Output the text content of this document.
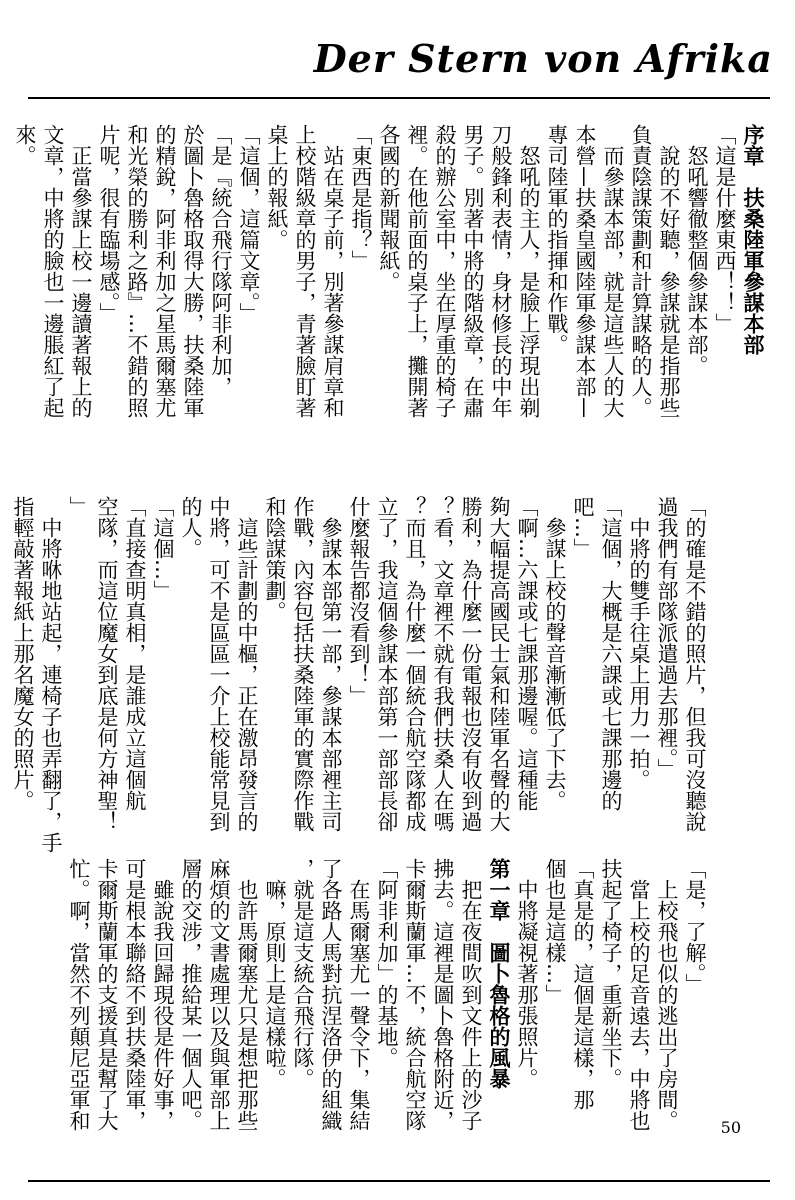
Der Stern von Afrika

序章　扶桑陸軍參謀本部

「這是什麼東西！！」

　怒吼響徹整個參謀本部。

　說的不好聽，參謀就是指那些

負責陰謀策劃和計算謀略的人。

　而參謀本部，就是這些人的大

本營—扶桑皇國陸軍參謀本部—

專司陸軍的指揮和作戰。

　怒吼的主人，是臉上浮現出剃

刀般鋒利表情，身材修長的中年

男子。別著中將的階級章，在肅

殺的辦公室中，坐在厚重的椅子

裡。在他前面的桌子上，攤開著

各國的新聞報紙。

「東西是指？」

　站在桌子前，別著參謀肩章和

上校階級章的男子，青著臉盯著

桌上的報紙。

「這個，這篇文章。」

「是『統合飛行隊阿非利加，

於圖卜魯格取得大勝，扶桑陸軍

的精銳，阿非利加之星馬爾塞尤

和光榮的勝利之路』…不錯的照

片呢，很有臨場感。」

　正當參謀上校一邊讀著報上的

文章，中將的臉也一邊脹紅了起

來。

「的確是不錯的照片，但我可沒聽說

過我們有部隊派遣過去那裡。」

　中將的雙手往桌上用力一拍。

「這個，大概是六課或七課那邊的

吧…」

　參謀上校的聲音漸漸低了下去。

「啊…六課或七課那邊喔。這種能

夠大幅提高國民士氣和陸軍名聲的大

勝利，為什麼一份電報也沒有收到過

？看，文章裡不就有我們扶桑人在嗎

？而且，為什麼一個統合航空隊都成

立了，我這個參謀本部第一部部長卻

什麼報告都沒看到！」

　參謀本部第一部，參謀本部裡主司

作戰，內容包括扶桑陸軍的實際作戰

和陰謀策劃。

　這些計劃的中樞，正在激昂發言的

中將，可不是區區一介上校能常見到

的人。

「這個…」

「直接查明真相，是誰成立這個航

空隊，而這位魔女到底是何方神聖！

」

　中將咻地站起，連椅子也弄翻了，手

指輕敲著報紙上那名魔女的照片。

「是，了解。」

　上校飛也似的逃出了房間。

　當上校的足音遠去，中將也

扶起了椅子，重新坐下。

「真是的，這個是這樣，那

個也是這樣…」

　中將凝視著那張照片。

第一章　圖卜魯格的風暴

　把在夜間吹到文件上的沙子

拂去。這裡是圖卜魯格附近，

卡爾斯蘭軍…不，統合航空隊

「阿非利加」的基地。

　在馬爾塞尤一聲令下，集結

了各路人馬對抗涅洛伊的組織

，就是這支統合飛行隊。

　嘛，原則上是這樣啦。

　也許馬爾塞尤只是想把那些

麻煩的文書處理以及與軍部上

層的交涉，推給某一個人吧。

　雖說我回歸現役是件好事，

可是根本聯絡不到扶桑陸軍，

卡爾斯蘭軍的支援真是幫了大

忙。啊，當然不列顛尼亞軍和	50
